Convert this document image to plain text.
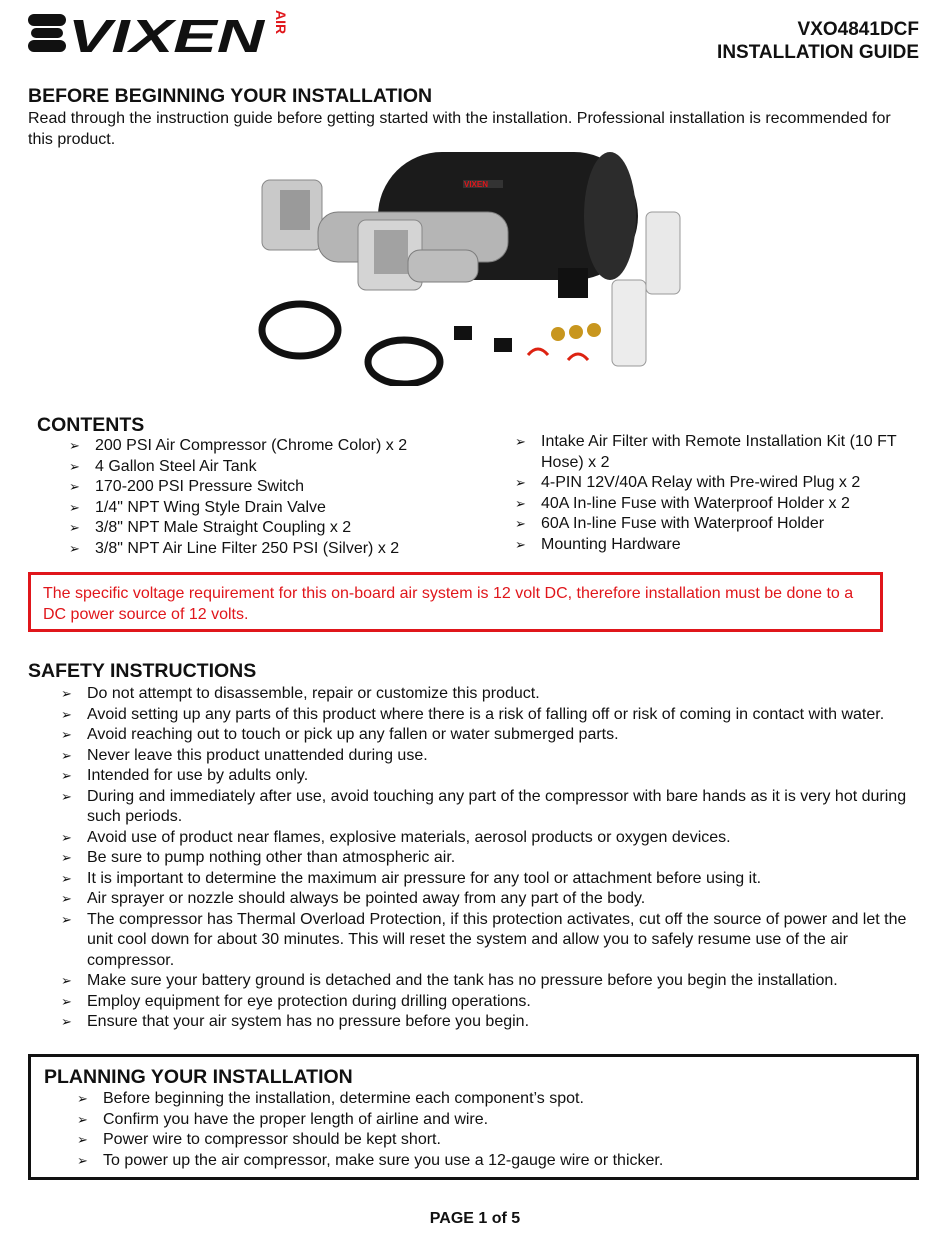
VIXEN AIR	VXO4841DCF
INSTALLATION GUIDE
BEFORE BEGINNING YOUR INSTALLATION
Read through the instruction guide before getting started with the installation. Professional installation is recommended for this product.
VIXEN
CONTENTS
➢ 200 PSI Air Compressor (Chrome Color) x 2
➢ 4 Gallon Steel Air Tank
➢ 170-200 PSI Pressure Switch
➢ 1/4" NPT Wing Style Drain Valve
➢ 3/8" NPT Male Straight Coupling x 2
➢ 3/8" NPT Air Line Filter 250 PSI (Silver) x 2
➢ Intake Air Filter with Remote Installation Kit (10 FT Hose) x 2
➢ 4-PIN 12V/40A Relay with Pre-wired Plug x 2
➢ 40A In-line Fuse with Waterproof Holder x 2
➢ 60A In-line Fuse with Waterproof Holder
➢ Mounting Hardware
The specific voltage requirement for this on-board air system is 12 volt DC, therefore installation must be done to a DC power source of 12 volts.
SAFETY INSTRUCTIONS
➢ Do not attempt to disassemble, repair or customize this product.
➢ Avoid setting up any parts of this product where there is a risk of falling off or risk of coming in contact with water.
➢ Avoid reaching out to touch or pick up any fallen or water submerged parts.
➢ Never leave this product unattended during use.
➢ Intended for use by adults only.
➢ During and immediately after use, avoid touching any part of the compressor with bare hands as it is very hot during such periods.
➢ Avoid use of product near flames, explosive materials, aerosol products or oxygen devices.
➢ Be sure to pump nothing other than atmospheric air.
➢ It is important to determine the maximum air pressure for any tool or attachment before using it.
➢ Air sprayer or nozzle should always be pointed away from any part of the body.
➢ The compressor has Thermal Overload Protection, if this protection activates, cut off the source of power and let the unit cool down for about 30 minutes. This will reset the system and allow you to safely resume use of the air compressor.
➢ Make sure your battery ground is detached and the tank has no pressure before you begin the installation.
➢ Employ equipment for eye protection during drilling operations.
➢ Ensure that your air system has no pressure before you begin.
PLANNING YOUR INSTALLATION
➢ Before beginning the installation, determine each component’s spot.
➢ Confirm you have the proper length of airline and wire.
➢ Power wire to compressor should be kept short.
➢ To power up the air compressor, make sure you use a 12-gauge wire or thicker.
PAGE 1 of 5
